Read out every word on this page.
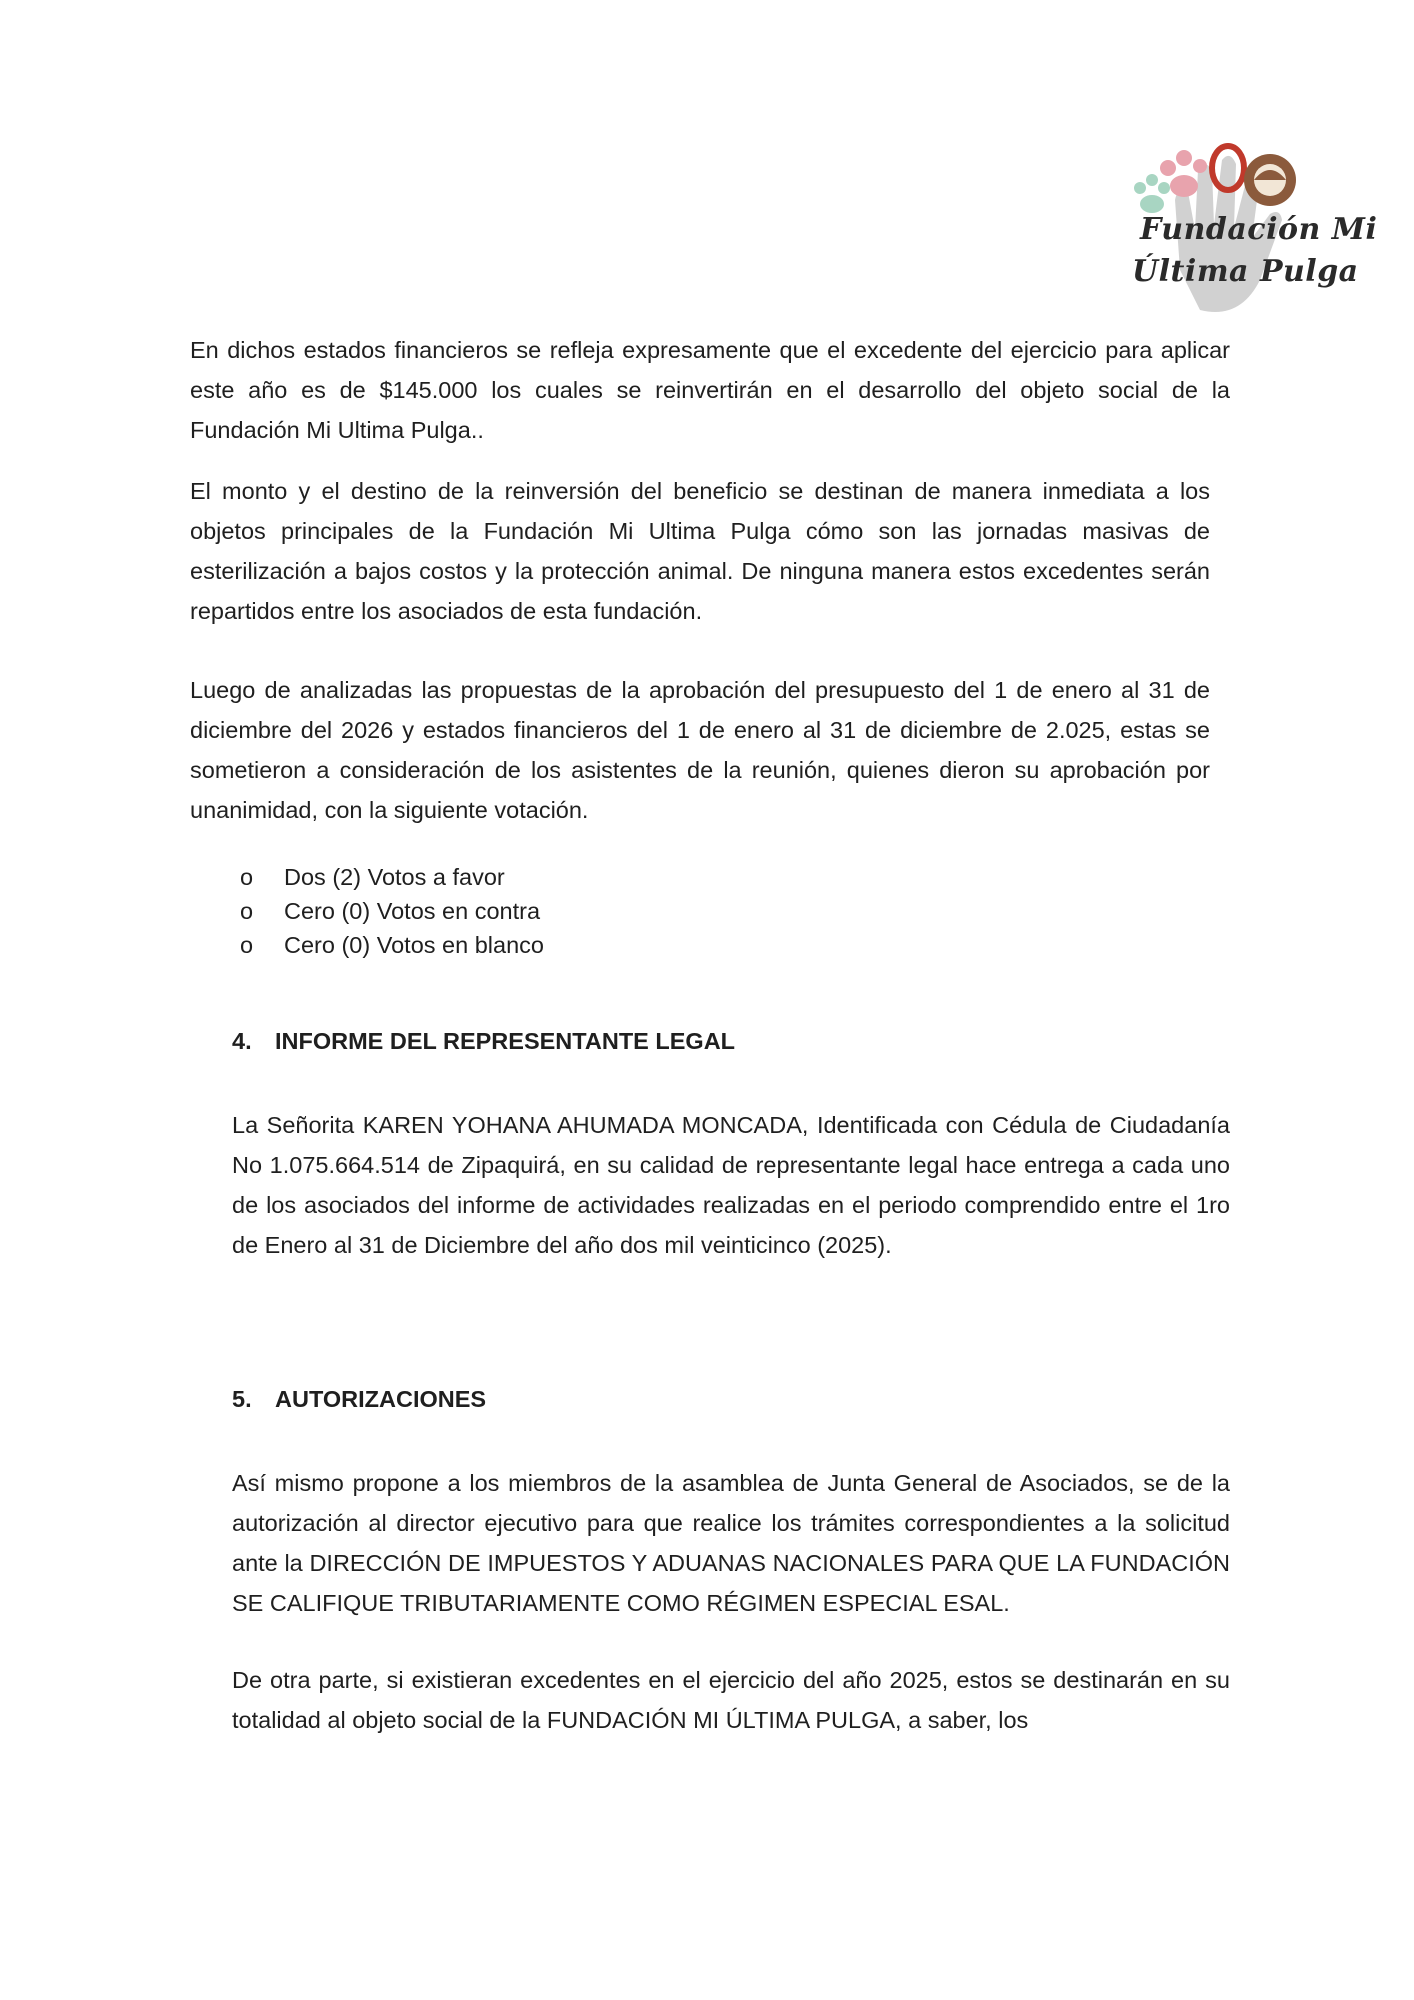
Fundación Mi
Última Pulga

En dichos estados financieros se refleja expresamente que el excedente del ejercicio para aplicar este año es de $145.000 los cuales se reinvertirán en el desarrollo del objeto social de la Fundación Mi Ultima Pulga..

El monto y el destino de la reinversión del beneficio se destinan de manera inmediata a los objetos principales de la Fundación Mi Ultima Pulga cómo son las jornadas masivas de esterilización a bajos costos y la protección animal. De ninguna manera estos excedentes serán repartidos entre los asociados de esta fundación.

Luego de analizadas las propuestas de la aprobación del presupuesto del 1 de enero al 31 de diciembre del 2026 y estados financieros del 1 de enero al 31 de diciembre de 2.025, estas se sometieron a consideración de los asistentes de la reunión, quienes dieron su aprobación por unanimidad, con la siguiente votación.

o	Dos (2) Votos a favor
o	Cero (0) Votos en contra
o	Cero (0) Votos en blanco
4. INFORME DEL REPRESENTANTE LEGAL

La Señorita KAREN YOHANA AHUMADA MONCADA, Identificada con Cédula de Ciudadanía No 1.075.664.514 de Zipaquirá, en su calidad de representante legal hace entrega a cada uno de los asociados del informe de actividades realizadas en el periodo comprendido entre el 1ro de Enero al 31 de Diciembre del año dos mil veinticinco (2025).

5. AUTORIZACIONES

Así mismo propone a los miembros de la asamblea de Junta General de Asociados, se de la autorización al director ejecutivo para que realice los trámites correspondientes a la solicitud ante la DIRECCIÓN DE IMPUESTOS Y ADUANAS NACIONALES PARA QUE LA FUNDACIÓN SE CALIFIQUE TRIBUTARIAMENTE COMO RÉGIMEN ESPECIAL ESAL.

De otra parte, si existieran excedentes en el ejercicio del año 2025, estos se destinarán en su totalidad al objeto social de la FUNDACIÓN MI ÚLTIMA PULGA, a saber, los
